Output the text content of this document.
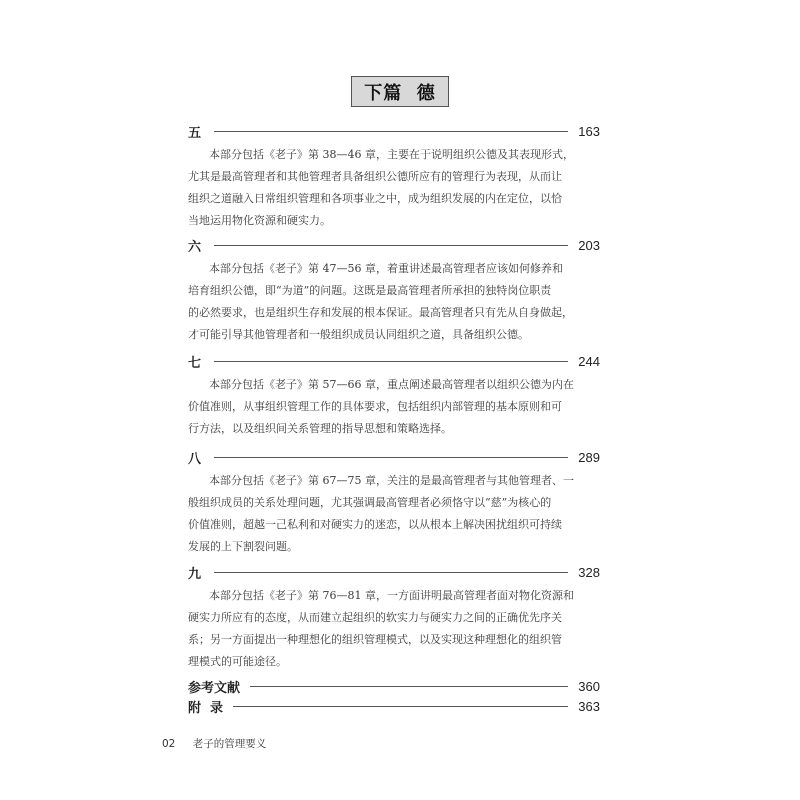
下篇  德
五	163
本部分包括《老子》第 38—46 章，主要在于说明组织公德及其表现形式，
尤其是最高管理者和其他管理者具备组织公德所应有的管理行为表现，从而让
组织之道融入日常组织管理和各项事业之中，成为组织发展的内在定位，以恰
当地运用物化资源和硬实力。
六	203
本部分包括《老子》第 47—56 章，着重讲述最高管理者应该如何修养和
培育组织公德，即“为道”的问题。这既是最高管理者所承担的独特岗位职责
的必然要求，也是组织生存和发展的根本保证。最高管理者只有先从自身做起，
才可能引导其他管理者和一般组织成员认同组织之道，具备组织公德。
七	244
本部分包括《老子》第 57—66 章，重点阐述最高管理者以组织公德为内在
价值准则，从事组织管理工作的具体要求，包括组织内部管理的基本原则和可
行方法，以及组织间关系管理的指导思想和策略选择。
八	289
本部分包括《老子》第 67—75 章，关注的是最高管理者与其他管理者、一
般组织成员的关系处理问题，尤其强调最高管理者必须恪守以“慈”为核心的
价值准则，超越一己私利和对硬实力的迷恋，以从根本上解决困扰组织可持续
发展的上下割裂问题。
九	328
本部分包括《老子》第 76—81 章，一方面讲明最高管理者面对物化资源和
硬实力所应有的态度，从而建立起组织的软实力与硬实力之间的正确优先序关
系；另一方面提出一种理想化的组织管理模式，以及实现这种理想化的组织管
理模式的可能途径。
参考文献	360
附  录	363
02 老子的管理要义
